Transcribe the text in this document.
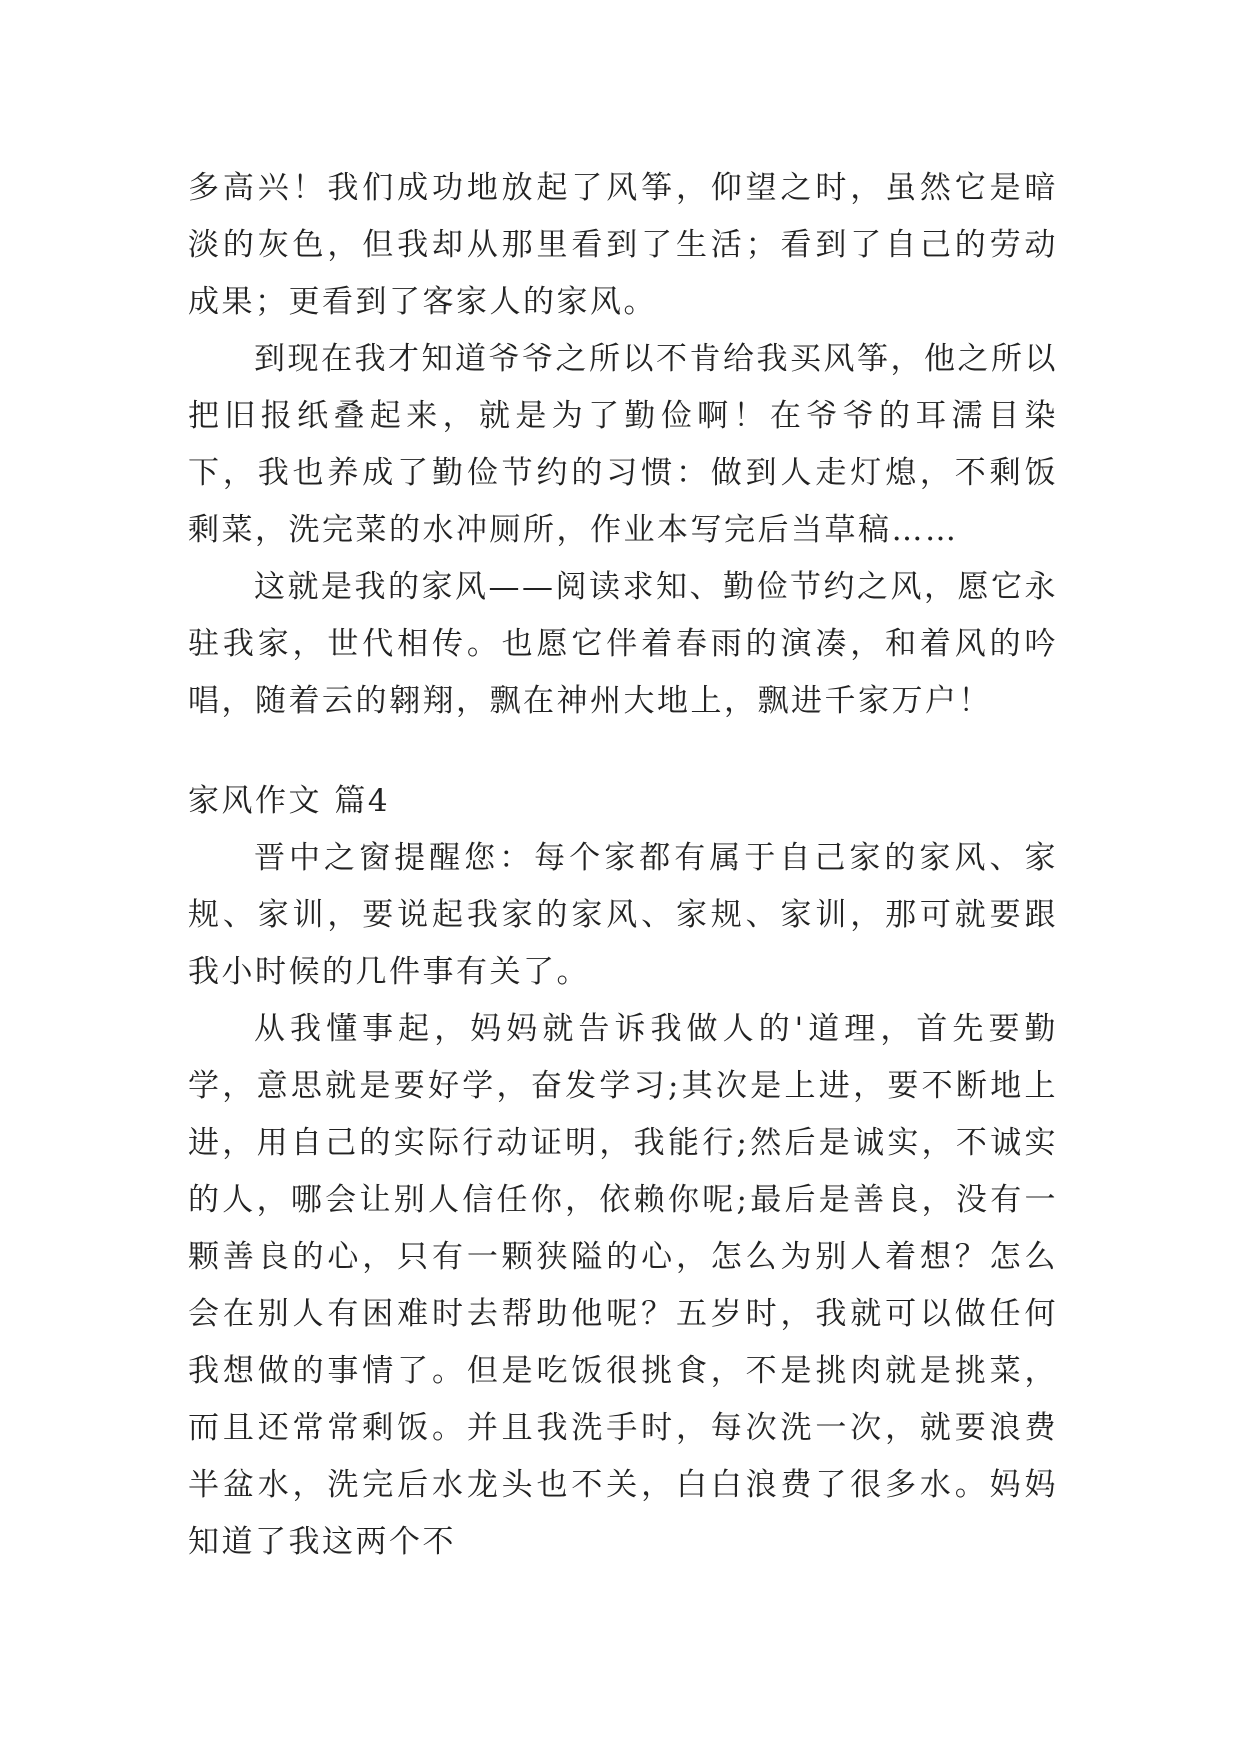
多高兴！我们成功地放起了风筝，仰望之时，虽然它是暗淡的灰色，但我却从那里看到了生活；看到了自己的劳动成果；更看到了客家人的家风。

到现在我才知道爷爷之所以不肯给我买风筝，他之所以把旧报纸叠起来，就是为了勤俭啊！在爷爷的耳濡目染下，我也养成了勤俭节约的习惯：做到人走灯熄，不剩饭剩菜，洗完菜的水冲厕所，作业本写完后当草稿……

这就是我的家风——阅读求知、勤俭节约之风，愿它永驻我家，世代相传。也愿它伴着春雨的演凑，和着风的吟唱，随着云的翱翔，飘在神州大地上，飘进千家万户！

家风作文 篇4

晋中之窗提醒您：每个家都有属于自己家的家风、家规、家训，要说起我家的家风、家规、家训，那可就要跟我小时候的几件事有关了。

从我懂事起，妈妈就告诉我做人的'道理，首先要勤学，意思就是要好学，奋发学习;其次是上进，要不断地上进，用自己的实际行动证明，我能行;然后是诚实，不诚实的人，哪会让别人信任你，依赖你呢;最后是善良，没有一颗善良的心，只有一颗狭隘的心，怎么为别人着想？怎么会在别人有困难时去帮助他呢？五岁时，我就可以做任何我想做的事情了。但是吃饭很挑食，不是挑肉就是挑菜，而且还常常剩饭。并且我洗手时，每次洗一次，就要浪费半盆水，洗完后水龙头也不关，白白浪费了很多水。妈妈知道了我这两个不
